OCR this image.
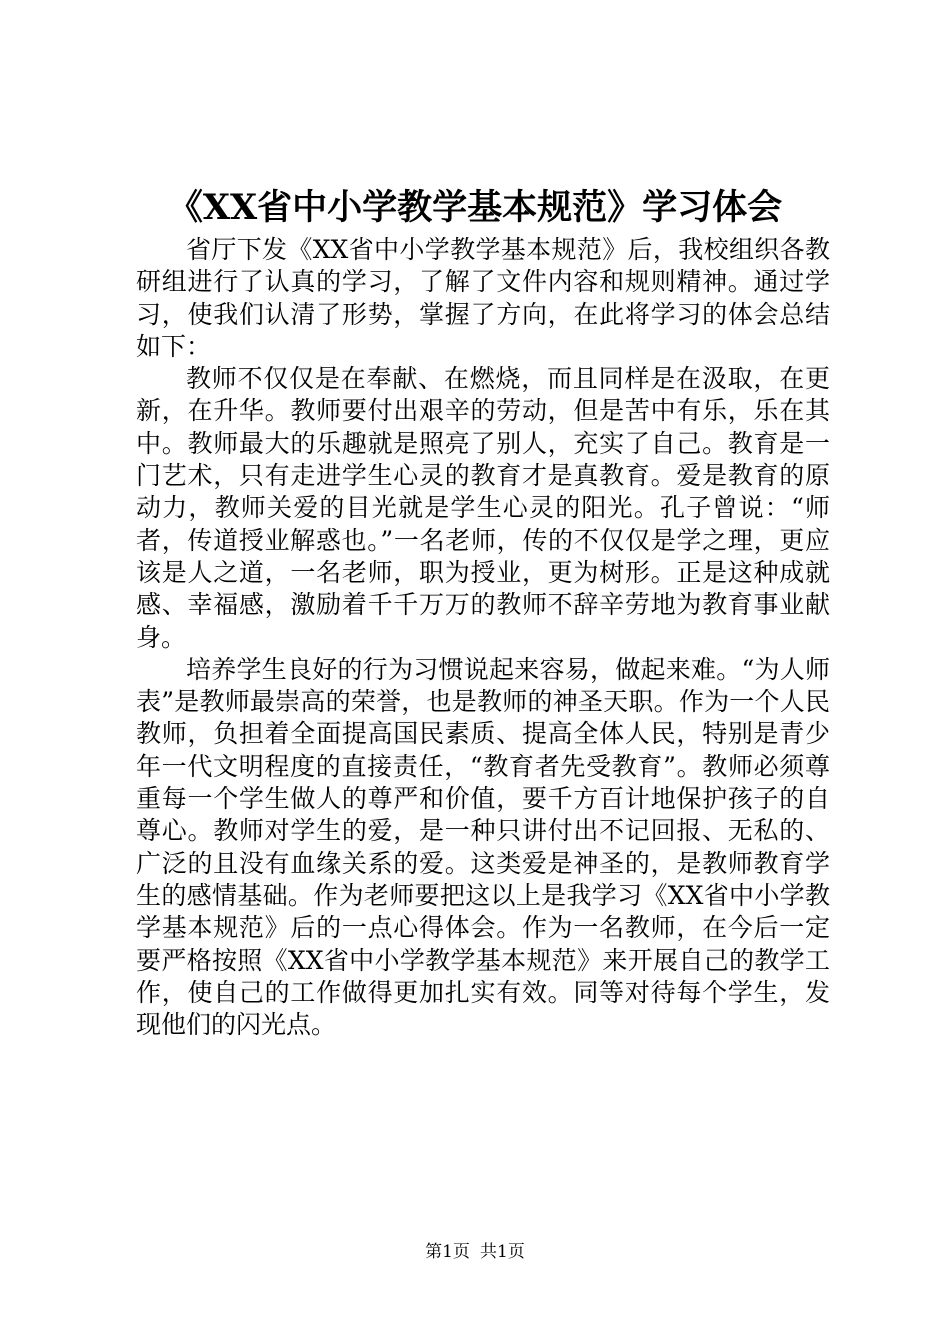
《XX省中小学教学基本规范》学习体会

省厅下发《XX省中小学教学基本规范》后，我校组织各教研组进行了认真的学习，了解了文件内容和规则精神。通过学习，使我们认清了形势，掌握了方向，在此将学习的体会总结如下：

教师不仅仅是在奉献、在燃烧，而且同样是在汲取，在更新，在升华。教师要付出艰辛的劳动，但是苦中有乐，乐在其中。教师最大的乐趣就是照亮了别人，充实了自己。教育是一门艺术，只有走进学生心灵的教育才是真教育。爱是教育的原动力，教师关爱的目光就是学生心灵的阳光。孔子曾说：“师者，传道授业解惑也。”一名老师，传的不仅仅是学之理，更应该是人之道，一名老师，职为授业，更为树形。正是这种成就感、幸福感，激励着千千万万的教师不辞辛劳地为教育事业献身。

培养学生良好的行为习惯说起来容易，做起来难。“为人师表”是教师最崇高的荣誉，也是教师的神圣天职。作为一个人民教师，负担着全面提高国民素质、提高全体人民，特别是青少年一代文明程度的直接责任，“教育者先受教育”。教师必须尊重每一个学生做人的尊严和价值，要千方百计地保护孩子的自尊心。教师对学生的爱，是一种只讲付出不记回报、无私的、广泛的且没有血缘关系的爱。这类爱是神圣的，是教师教育学生的感情基础。作为老师要把这以上是我学习《XX省中小学教学基本规范》后的一点心得体会。作为一名教师，在今后一定要严格按照《XX省中小学教学基本规范》来开展自己的教学工作，使自己的工作做得更加扎实有效。同等对待每个学生，发现他们的闪光点。

第1页 共1页
